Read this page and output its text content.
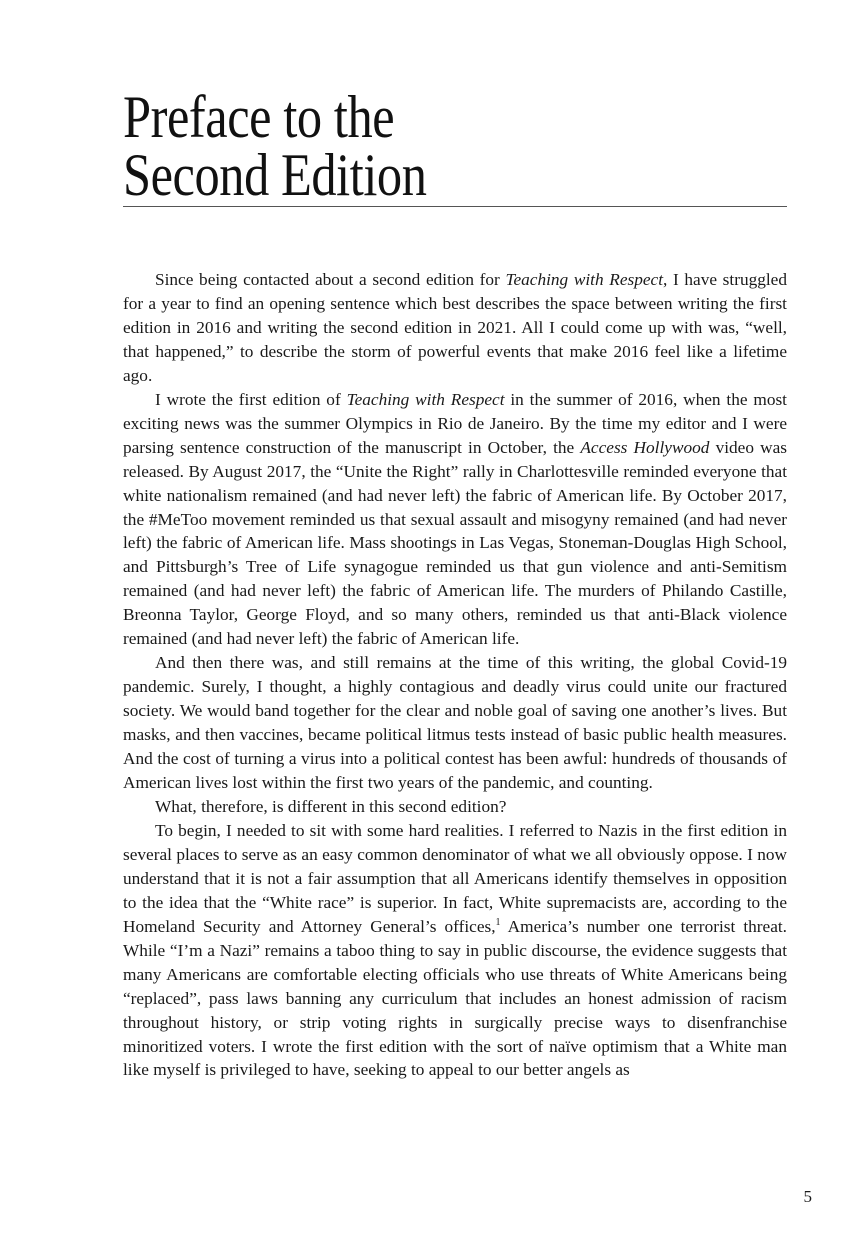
Preface to the
Second Edition

Since being contacted about a second edition for Teaching with Respect, I have struggled for a year to find an opening sentence which best describes the space between writing the first edition in 2016 and writing the second edition in 2021. All I could come up with was, “well, that happened,” to describe the storm of powerful events that make 2016 feel like a lifetime ago.

I wrote the first edition of Teaching with Respect in the summer of 2016, when the most exciting news was the summer Olympics in Rio de Janeiro. By the time my editor and I were parsing sentence construction of the manuscript in October, the Access Hollywood video was released. By August 2017, the “Unite the Right” rally in Charlottesville reminded everyone that white nationalism remained (and had never left) the fabric of American life. By October 2017, the #MeToo movement reminded us that sexual assault and misogyny remained (and had never left) the fabric of American life. Mass shootings in Las Vegas, Stoneman-Douglas High School, and Pittsburgh’s Tree of Life synagogue reminded us that gun violence and anti-Semitism remained (and had never left) the fabric of American life. The murders of Philando Castille, Breonna Taylor, George Floyd, and so many others, reminded us that anti-Black violence remained (and had never left) the fabric of American life.

And then there was, and still remains at the time of this writing, the global Covid-19 pandemic. Surely, I thought, a highly contagious and deadly virus could unite our fractured society. We would band together for the clear and noble goal of saving one another’s lives. But masks, and then vaccines, became political litmus tests instead of basic public health measures. And the cost of turning a virus into a political contest has been awful: hundreds of thousands of American lives lost within the first two years of the pandemic, and counting.

What, therefore, is different in this second edition?

To begin, I needed to sit with some hard realities. I referred to Nazis in the first edition in several places to serve as an easy common denominator of what we all obviously oppose. I now understand that it is not a fair assumption that all Americans identify themselves in opposition to the idea that the “White race” is superior. In fact, White supremacists are, according to the Homeland Security and Attorney General’s offices,$^1$ America’s number one terrorist threat. While “I’m a Nazi” remains a taboo thing to say in public discourse, the evidence suggests that many Americans are comfortable electing officials who use threats of White Americans being “replaced”, pass laws banning any curriculum that includes an honest admission of racism throughout history, or strip voting rights in surgically precise ways to disenfranchise minoritized voters. I wrote the first edition with the sort of naïve optimism that a White man like myself is privileged to have, seeking to appeal to our better angels as

5
